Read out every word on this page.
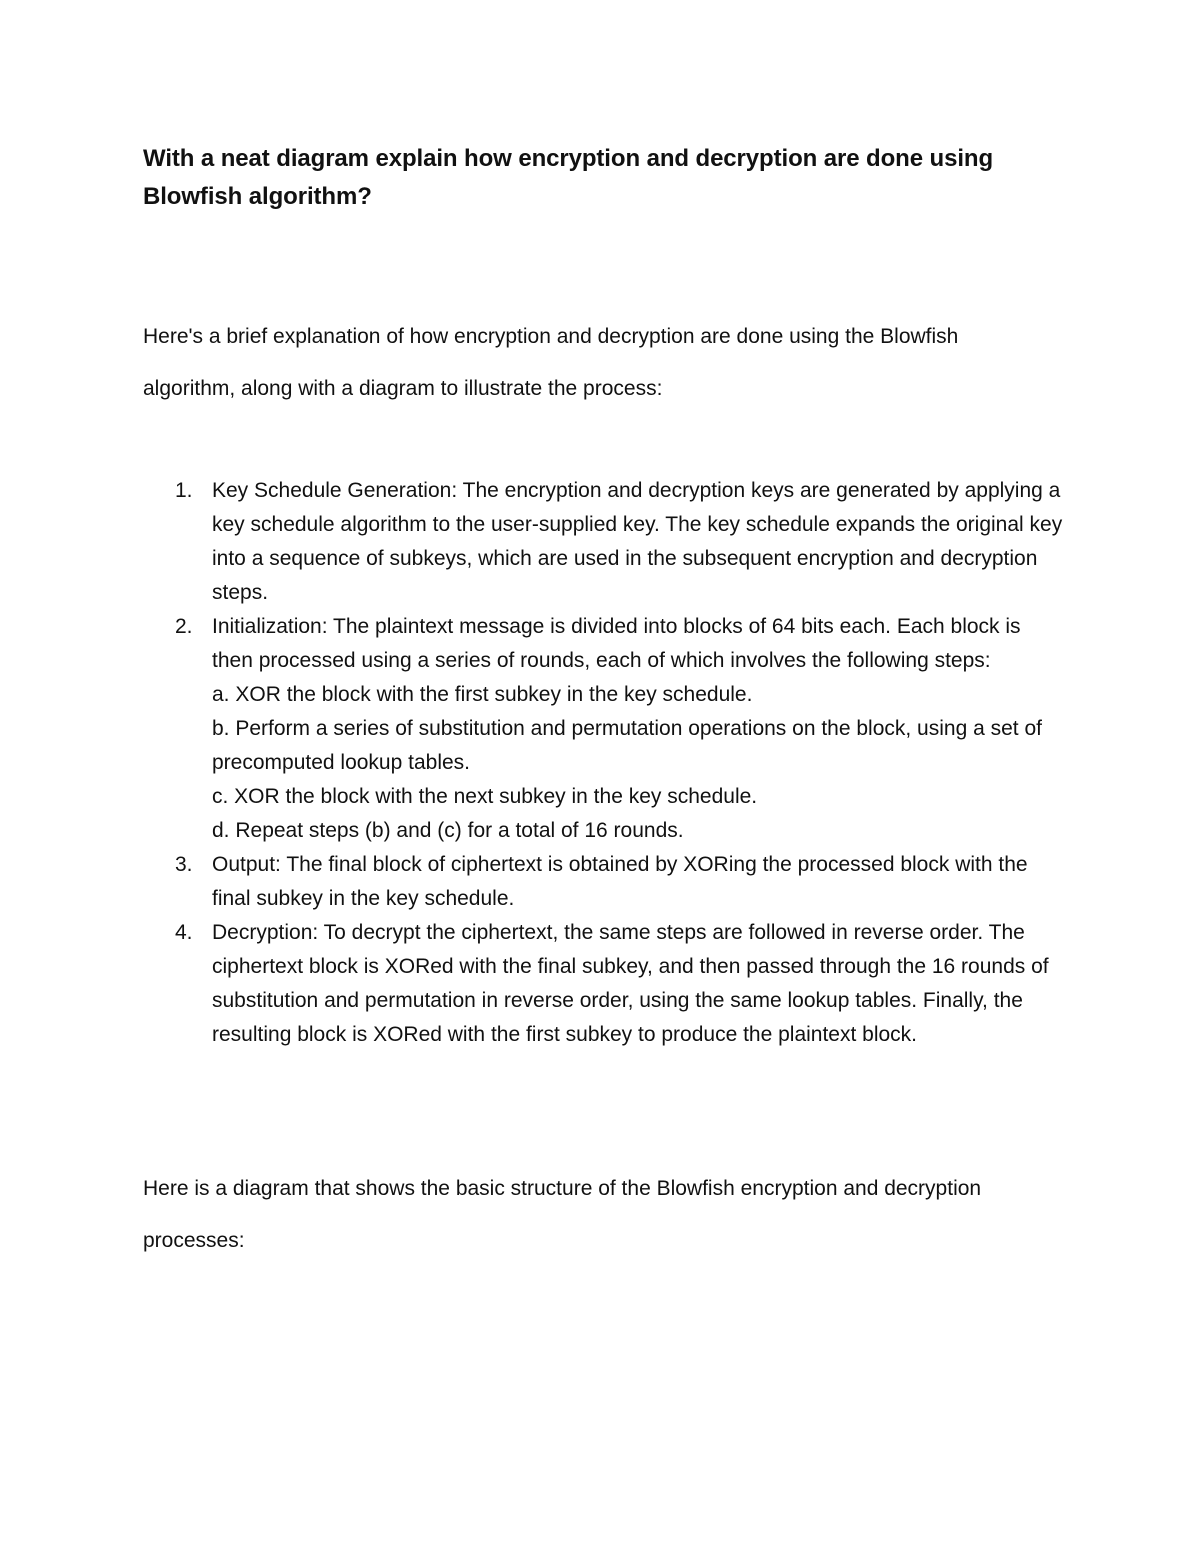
With a neat diagram explain how encryption and decryption are done using Blowfish algorithm?

Here's a brief explanation of how encryption and decryption are done using the Blowfish algorithm, along with a diagram to illustrate the process:

1. Key Schedule Generation: The encryption and decryption keys are generated by applying a key schedule algorithm to the user-supplied key. The key schedule expands the original key into a sequence of subkeys, which are used in the subsequent encryption and decryption steps.
2. Initialization: The plaintext message is divided into blocks of 64 bits each. Each block is then processed using a series of rounds, each of which involves the following steps:
a. XOR the block with the first subkey in the key schedule.
b. Perform a series of substitution and permutation operations on the block, using a set of precomputed lookup tables.
c. XOR the block with the next subkey in the key schedule.
d. Repeat steps (b) and (c) for a total of 16 rounds.
3. Output: The final block of ciphertext is obtained by XORing the processed block with the final subkey in the key schedule.
4. Decryption: To decrypt the ciphertext, the same steps are followed in reverse order. The ciphertext block is XORed with the final subkey, and then passed through the 16 rounds of substitution and permutation in reverse order, using the same lookup tables. Finally, the resulting block is XORed with the first subkey to produce the plaintext block.

Here is a diagram that shows the basic structure of the Blowfish encryption and decryption processes:
